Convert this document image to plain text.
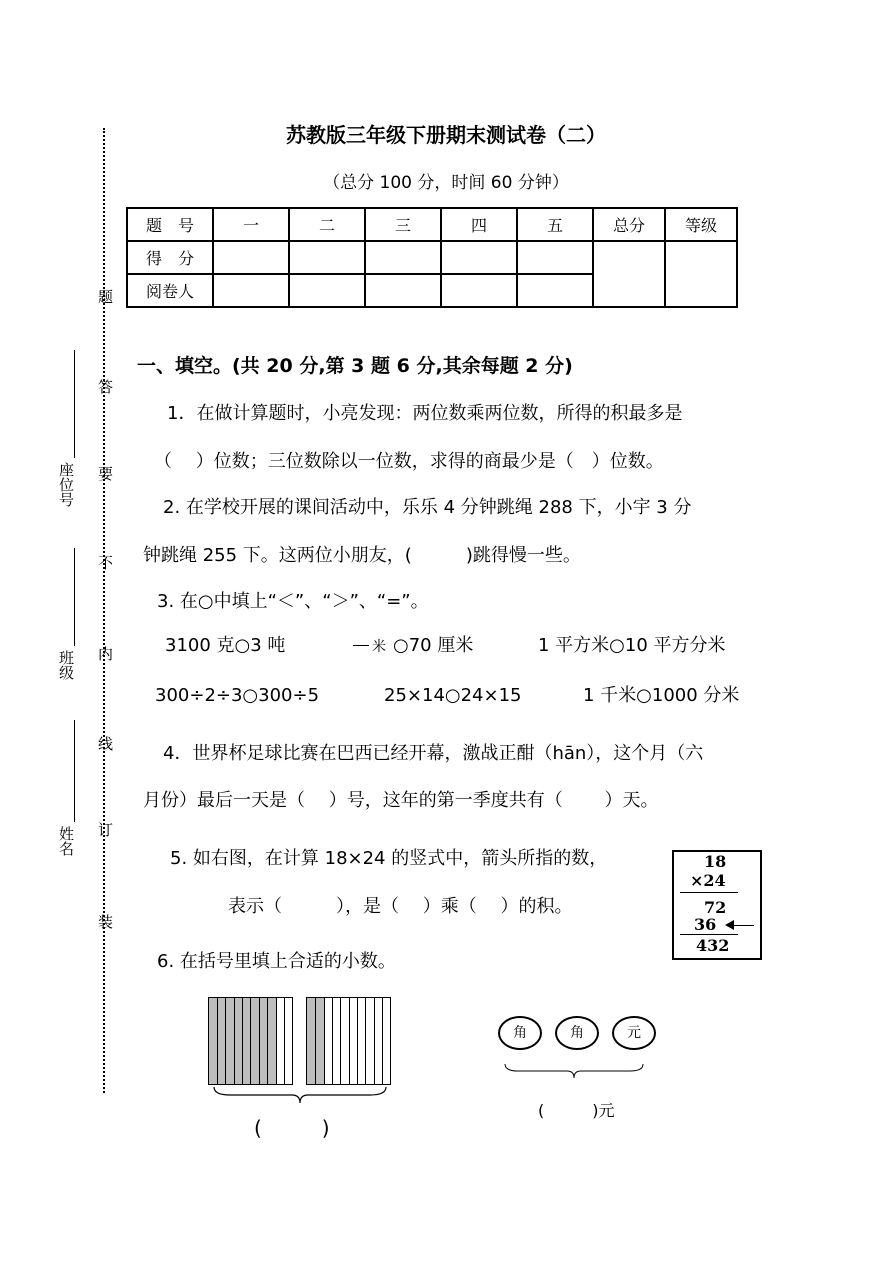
苏教版三年级下册期末测试卷（二）
（总分 100 分，时间 60 分钟）
题　号	一	二	三	四	五	总分	等级
得　分							
阅卷人							
题
答
要
不
内
线
订
装
座位号
班级
姓名
一、填空。(共 20 分,第 3 题 6 分,其余每题 2 分)
1．在做计算题时，小亮发现：两位数乘两位数，所得的积最多是
（　 ）位数；三位数除以一位数，求得的商最少是（　）位数。
2. 在学校开展的课间活动中，乐乐 4 分钟跳绳 288 下，小宇 3 分
钟跳绳 255 下。这两位小朋友，(　　　)跳得慢一些。
3. 在○中填上“＜”、“＞”、“=”。
3100 克○3 吨	米 ○70 厘米	1 平方米○10 平方分米
300÷2÷3○300÷5	25×14○24×15	1 千米○1000 分米
4．世界杯足球比赛在巴西已经开幕，激战正酣（hān），这个月（六
月份）最后一天是（　 ）号，这年的第一季度共有（　　 ）天。
5. 如右图，在计算 18×24 的竖式中，箭头所指的数，
表示（　　　），是（　 ）乘（　 ）的积。
18
×24
72
36
432
6. 在括号里填上合适的小数。
(　　　)
角	角	元
(　　　)元
